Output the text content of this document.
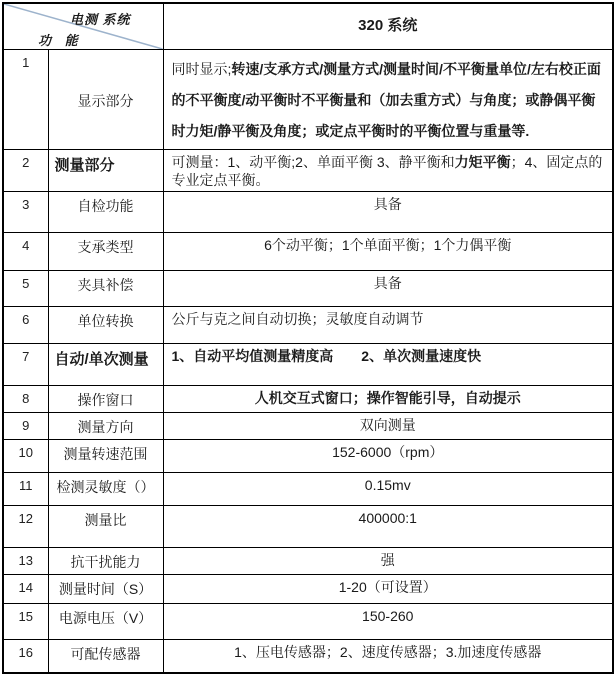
电测 系统
功 能		320 系统
1	显示部分	同时显示;转速/支承方式/测量方式/测量时间/不平衡量单位/左右校正面的不平衡度/动平衡时不平衡量和（加去重方式）与角度；或静偶平衡时力矩/静平衡及角度；或定点平衡时的平衡位置与重量等.
2	测量部分	可测量：1、动平衡;2、单面平衡 3、静平衡和力矩平衡；4、固定点的专业定点平衡。
3	自检功能	具备
4	支承类型	6个动平衡；1个单面平衡；1个力偶平衡
5	夹具补偿	具备
6	单位转换	公斤与克之间自动切换；灵敏度自动调节
7	自动/单次测量	1、自动平均值测量精度高　　2、单次测量速度快
8	操作窗口	人机交互式窗口；操作智能引导，自动提示
9	测量方向	双向测量
10	测量转速范围	152-6000（rpm）
11	检测灵敏度（）	0.15mv
12	测量比	400000:1
13	抗干扰能力	强
14	测量时间（S）	1-20（可设置）
15	电源电压（V）	150-260
16	可配传感器	1、压电传感器；2、速度传感器；3.加速度传感器
